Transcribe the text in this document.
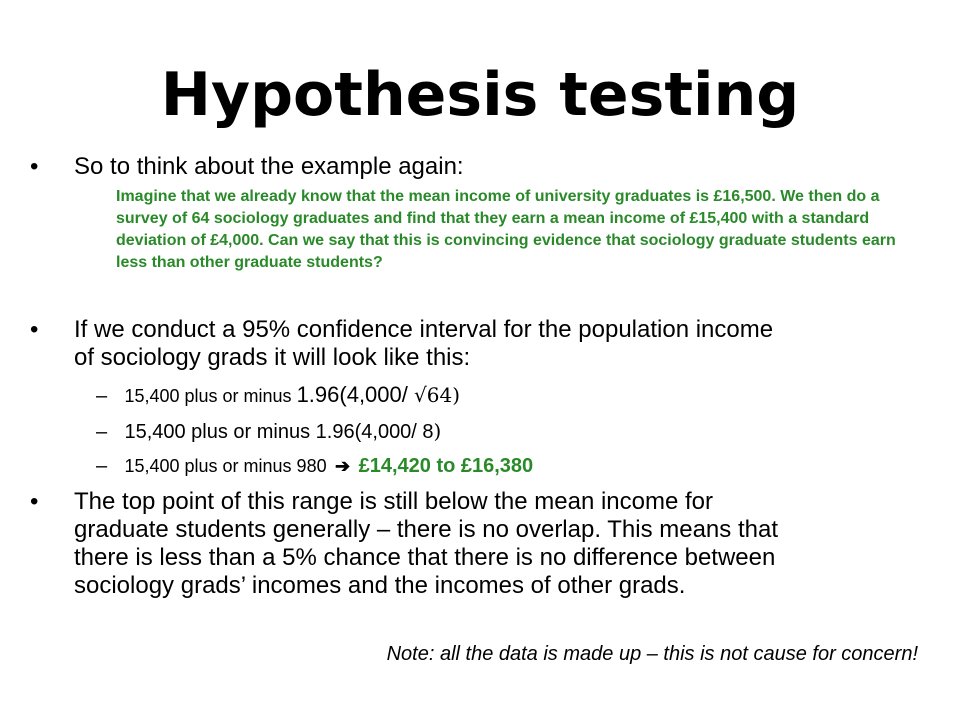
Hypothesis testing
•	So to think about the example again:
Imagine that we already know that the mean income of university graduates is £16,500. We then do a survey of 64 sociology graduates and find that they earn a mean income of £15,400 with a standard deviation of £4,000. Can we say that this is convincing evidence that sociology graduate students earn less than other graduate students?
•	If we conduct a 95% confidence interval for the population income
of sociology grads it will look like this:
– 15,400 plus or minus 1.96(4,000/ √64)
– 15,400 plus or minus 1.96(4,000/ 8)
– 15,400 plus or minus 980 ➔ £14,420 to £16,380
•	The top point of this range is still below the mean income for
graduate students generally – there is no overlap. This means that
there is less than a 5% chance that there is no difference between
sociology grads’ incomes and the incomes of other grads.
Note: all the data is made up – this is not cause for concern!
